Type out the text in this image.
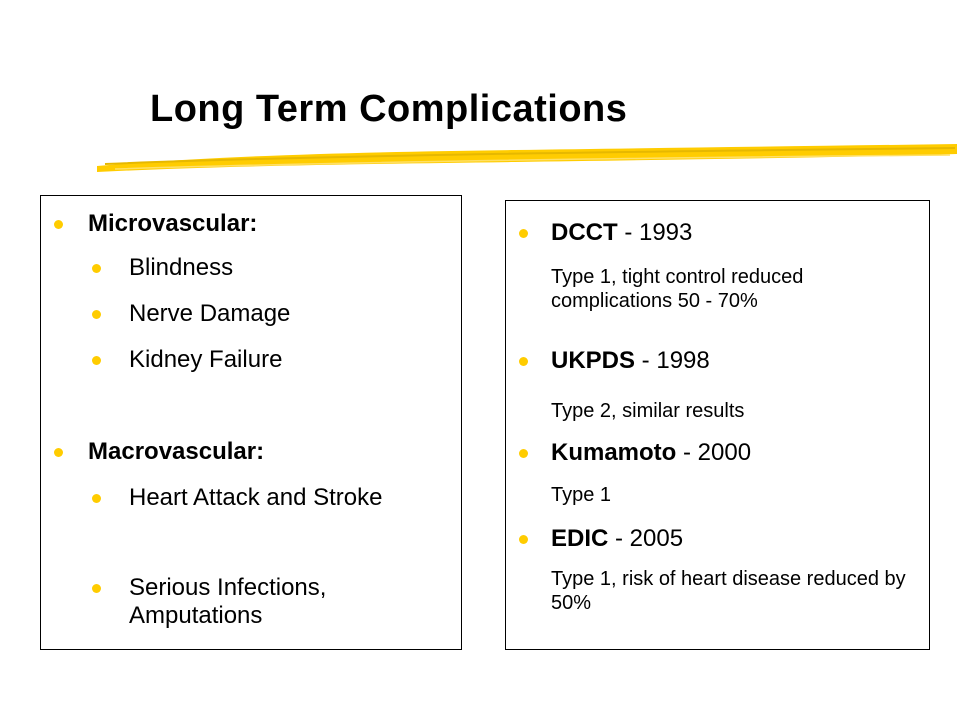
Long Term Complications
Microvascular:
Blindness
Nerve Damage
Kidney Failure
Macrovascular:
Heart Attack and Stroke
Serious Infections, Amputations
DCCT - 1993
Type 1, tight control reduced complications 50 - 70%
UKPDS - 1998
Type 2, similar results
Kumamoto - 2000
Type 1
EDIC - 2005
Type 1, risk of heart disease reduced by 50%
